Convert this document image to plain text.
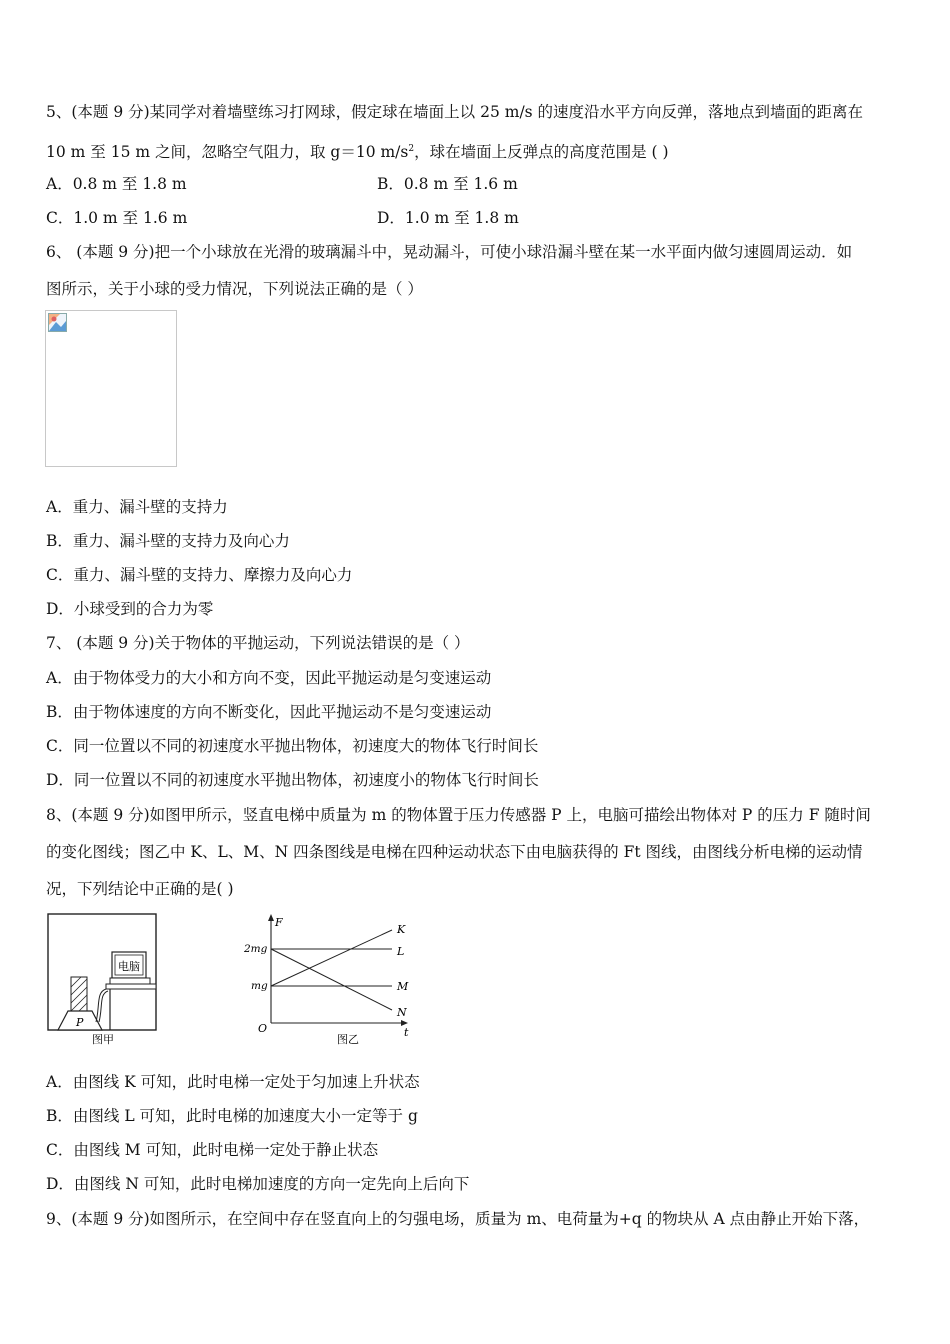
5、(本题 9 分)某同学对着墙壁练习打网球，假定球在墙面上以 25 m/s 的速度沿水平方向反弹，落地点到墙面的距离在
10 m 至 15 m 之间，忽略空气阻力，取 g＝10 $m/s^2$，球在墙面上反弹点的高度范围是 ( )
A．0.8 m 至 1.8 m	B．0.8 m 至 1.6 m
C．1.0 m 至 1.6 m	D．1.0 m 至 1.8 m
6、 (本题 9 分)把一个小球放在光滑的玻璃漏斗中，晃动漏斗，可使小球沿漏斗壁在某一水平面内做匀速圆周运动．如
图所示，关于小球的受力情况，下列说法正确的是（ ）
A．重力、漏斗壁的支持力
B．重力、漏斗壁的支持力及向心力
C．重力、漏斗壁的支持力、摩擦力及向心力
D．小球受到的合力为零
7、 (本题 9 分)关于物体的平抛运动，下列说法错误的是（ ）
A．由于物体受力的大小和方向不变，因此平抛运动是匀变速运动
B．由于物体速度的方向不断变化，因此平抛运动不是匀变速运动
C．同一位置以不同的初速度水平抛出物体，初速度大的物体飞行时间长
D．同一位置以不同的初速度水平抛出物体，初速度小的物体飞行时间长
8、(本题 9 分)如图甲所示，竖直电梯中质量为 m 的物体置于压力传感器 P 上，电脑可描绘出物体对 P 的压力 F 随时间
的变化图线；图乙中 K、L、M、N 四条图线是电梯在四种运动状态下由电脑获得的 Ft 图线，由图线分析电梯的运动情
况，下列结论中正确的是( )
P
电脑
图甲
F
t
O
2mg
mg
K
L
M
N
图乙
A．由图线 K 可知，此时电梯一定处于匀加速上升状态
B．由图线 L 可知，此时电梯的加速度大小一定等于 g
C．由图线 M 可知，此时电梯一定处于静止状态
D．由图线 N 可知，此时电梯加速度的方向一定先向上后向下
9、(本题 9 分)如图所示，在空间中存在竖直向上的匀强电场，质量为 m、电荷量为+q 的物块从 A 点由静止开始下落，
